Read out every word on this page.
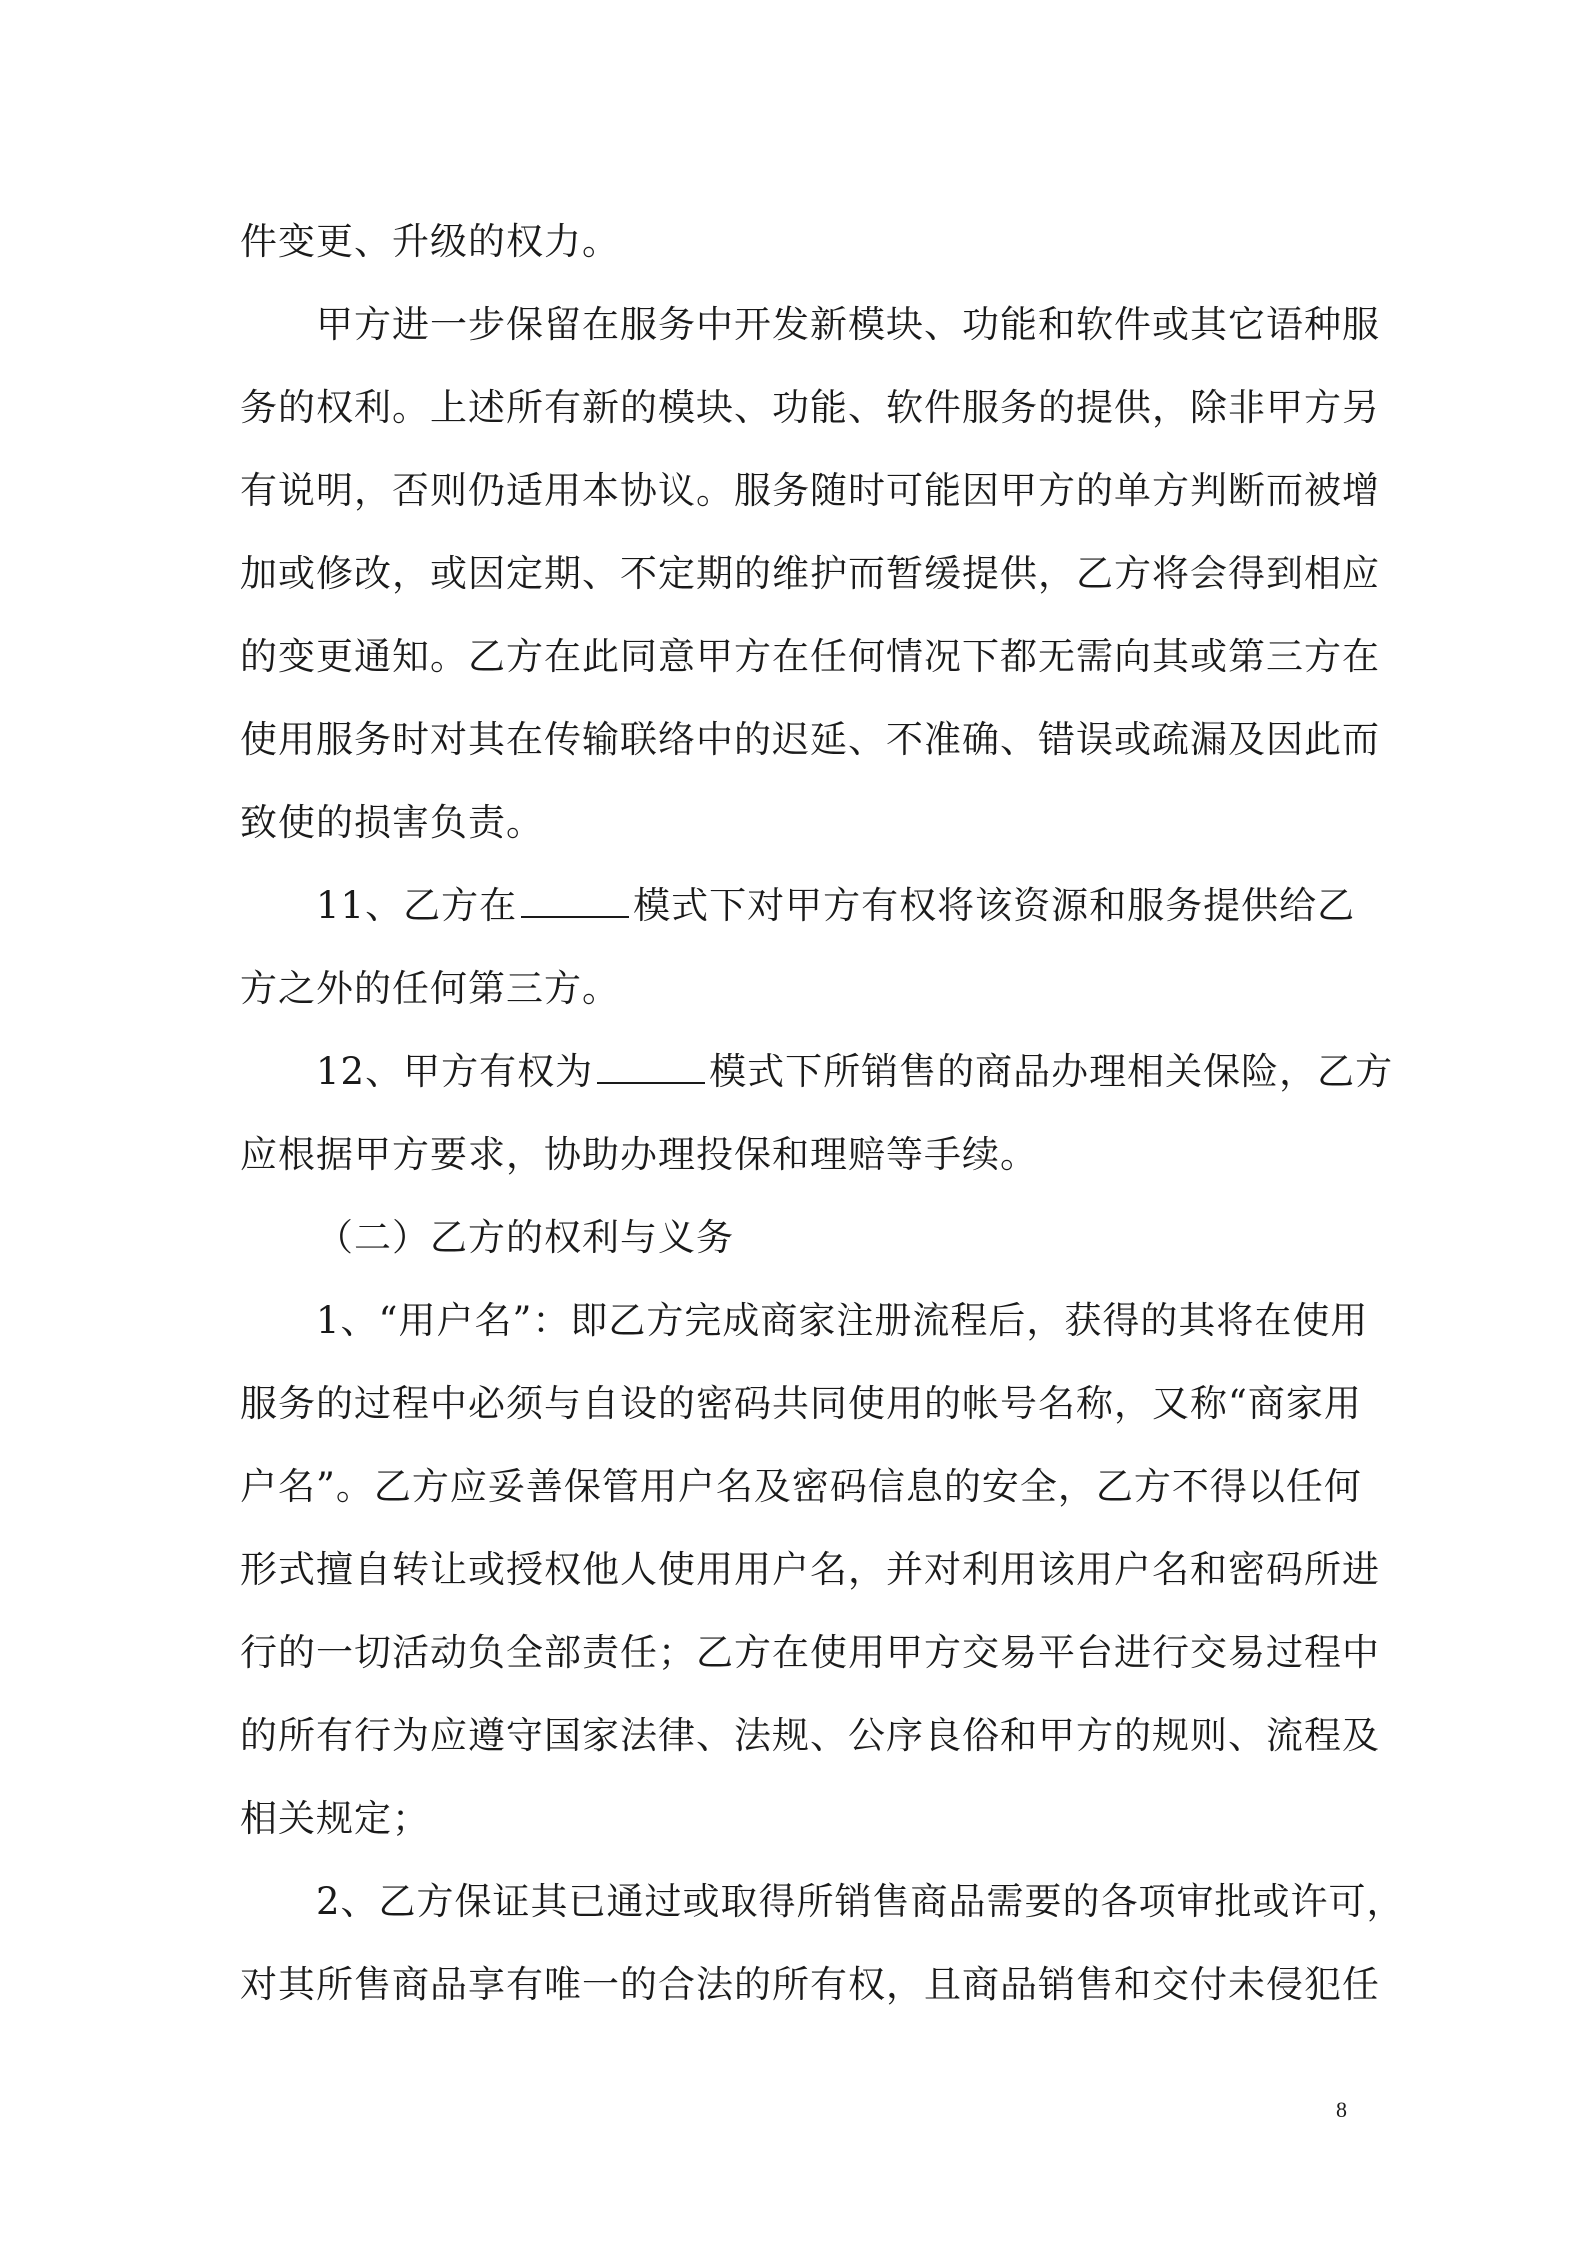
件变更、升级的权力。
甲方进一步保留在服务中开发新模块、功能和软件或其它语种服
务的权利。上述所有新的模块、功能、软件服务的提供，除非甲方另
有说明，否则仍适用本协议。服务随时可能因甲方的单方判断而被增
加或修改，或因定期、不定期的维护而暂缓提供，乙方将会得到相应
的变更通知。乙方在此同意甲方在任何情况下都无需向其或第三方在
使用服务时对其在传输联络中的迟延、不准确、错误或疏漏及因此而
致使的损害负责。
11、乙方在	模式下对甲方有权将该资源和服务提供给乙
方之外的任何第三方。
12、甲方有权为	模式下所销售的商品办理相关保险，乙方
应根据甲方要求，协助办理投保和理赔等手续。
（二）乙方的权利与义务
1、“用户名”：即乙方完成商家注册流程后，获得的其将在使用
服务的过程中必须与自设的密码共同使用的帐号名称，又称“商家用
户名”。乙方应妥善保管用户名及密码信息的安全，乙方不得以任何
形式擅自转让或授权他人使用用户名，并对利用该用户名和密码所进
行的一切活动负全部责任；乙方在使用甲方交易平台进行交易过程中
的所有行为应遵守国家法律、法规、公序良俗和甲方的规则、流程及
相关规定；
2、乙方保证其已通过或取得所销售商品需要的各项审批或许可，
对其所售商品享有唯一的合法的所有权，且商品销售和交付未侵犯任
8
